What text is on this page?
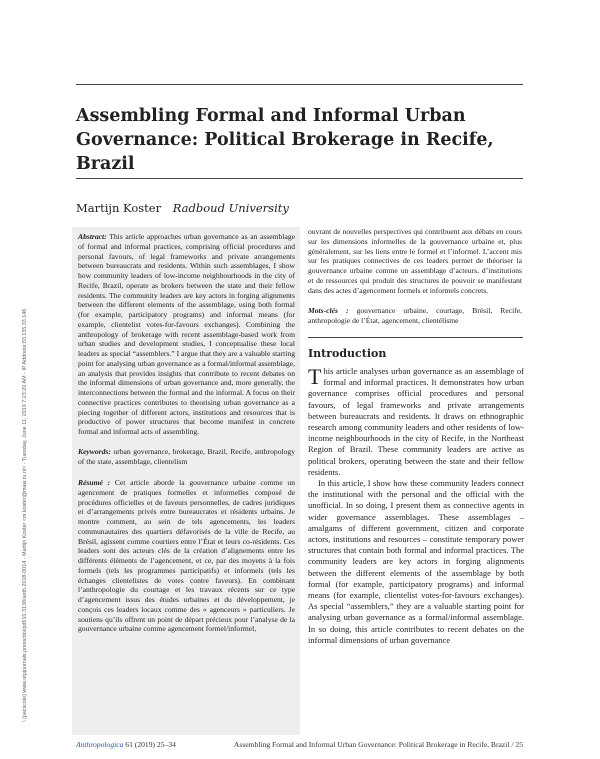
Assembling Formal and Informal Urban Governance: Political Brokerage in Recife, Brazil
Martijn Koster Radboud University
Abstract: This article approaches urban governance as an assemblage of formal and informal practices, comprising official procedures and personal favours, of legal frameworks and private arrangements between bureaucrats and residents. Within such assemblages, I show how community leaders of low-income neighbourhoods in the city of Recife, Brazil, operate as brokers between the state and their fellow residents. The community leaders are key actors in forging alignments between the different elements of the assemblage, using both formal (for example, participatory programs) and informal means (for example, clientelist votes-for-favours exchanges). Combining the anthropology of brokerage with recent assemblage-based work from urban studies and development studies, I conceptualise these local leaders as special “assemblers.” I argue that they are a valuable starting point for analysing urban governance as a formal/informal assemblage, an analysis that provides insights that contribute to recent debates on the informal dimensions of urban governance and, more generally, the interconnections between the formal and the informal. A focus on their connective practices contributes to theorising urban governance as a piecing together of different actors, institutions and resources that is productive of power structures that become manifest in concrete formal and informal acts of assembling.
Keywords: urban governance, brokerage, Brazil, Recife, anthropology of the state, assemblage, clientelism
Résumé : Cet article aborde la gouvernance urbaine comme un agencement de pratiques formelles et informelles composé de procédures officielles et de faveurs personnelles, de cadres juridiques et d’arrangements privés entre bureaucrates et résidents urbains. Je montre comment, au sein de tels agencements, les leaders communautaires des quartiers défavorisés de la ville de Recife, au Brésil, agissent comme courtiers entre l’État et leurs co-résidents. Ces leaders sont des acteurs clés de la création d’alignements entre les différents éléments de l’agencement, et ce, par des moyens à la fois formels (tels les programmes participatifs) et informels (tels les échanges clientelistes de votes contre faveurs). En combinant l’anthropologie du courtage et les travaux récents sur ce type d’agencement issus des études urbaines et du développement, je conçois ces leaders locaux comme des « agenceurs » particuliers. Je soutiens qu’ils offrent un point de départ précieux pour l’analyse de la gouvernance urbaine comme agencement formel/informel,
ouvrant de nouvelles perspectives qui contribuent aux débats en cours sur les dimensions informelles de la gouvernance urbaine et, plus généralement, sur les liens entre le formel et l’informel. L’accent mis sur les pratiques connectives de ces leaders permet de théoriser la gouvernance urbaine comme un assemblage d’acteurs, d’institutions et de ressources qui produit des structures de pouvoir se manifestant dans des actes d’agencement formels et informels concrets.
Mots-clés : gouvernance urbaine, courtage, Brésil, Recife, anthropologie de l’État, agencement, clientélisme
Introduction

This article analyses urban governance as an assemblage of formal and informal practices. It demonstrates how urban governance comprises official procedures and personal favours, of legal frameworks and private arrangements between bureaucrats and residents. It draws on ethnographic research among community leaders and other residents of low-income neighbourhoods in the city of Recife, in the Northeast Region of Brazil. These community leaders are active as political brokers, operating between the state and their fellow residents.

In this article, I show how these community leaders connect the institutional with the personal and the official with the unofficial. In so doing, I present them as connective agents in wider governance assemblages. These assemblages – amalgams of different government, citizen and corporate actors, institutions and resources – constitute temporary power structures that contain both formal and informal practices. The community leaders are key actors in forging alignments between the different elements of the assemblage by both formal (for example, participatory programs) and informal means (for example, clientelist votes-for-favours exchanges). As special “assemblers,” they are a valuable starting point for analysing urban governance as a formal/informal assemblage. In so doing, this article contributes to recent debates on the informal dimensions of urban governance

Anthropologica 61 (2019) 25–34	Assembling Formal and Informal Urban Governance: Political Brokerage in Recife, Brazil / 25
\ (pacscole) www.utpjournals.press/doi/pdf/10.3138/anth.2018-0014 - Martijn Koster <m.koster@maw.ru.nl> - Tuesday, June 11, 2019 7:23:20 AM - IP Address:83.135.33.146
